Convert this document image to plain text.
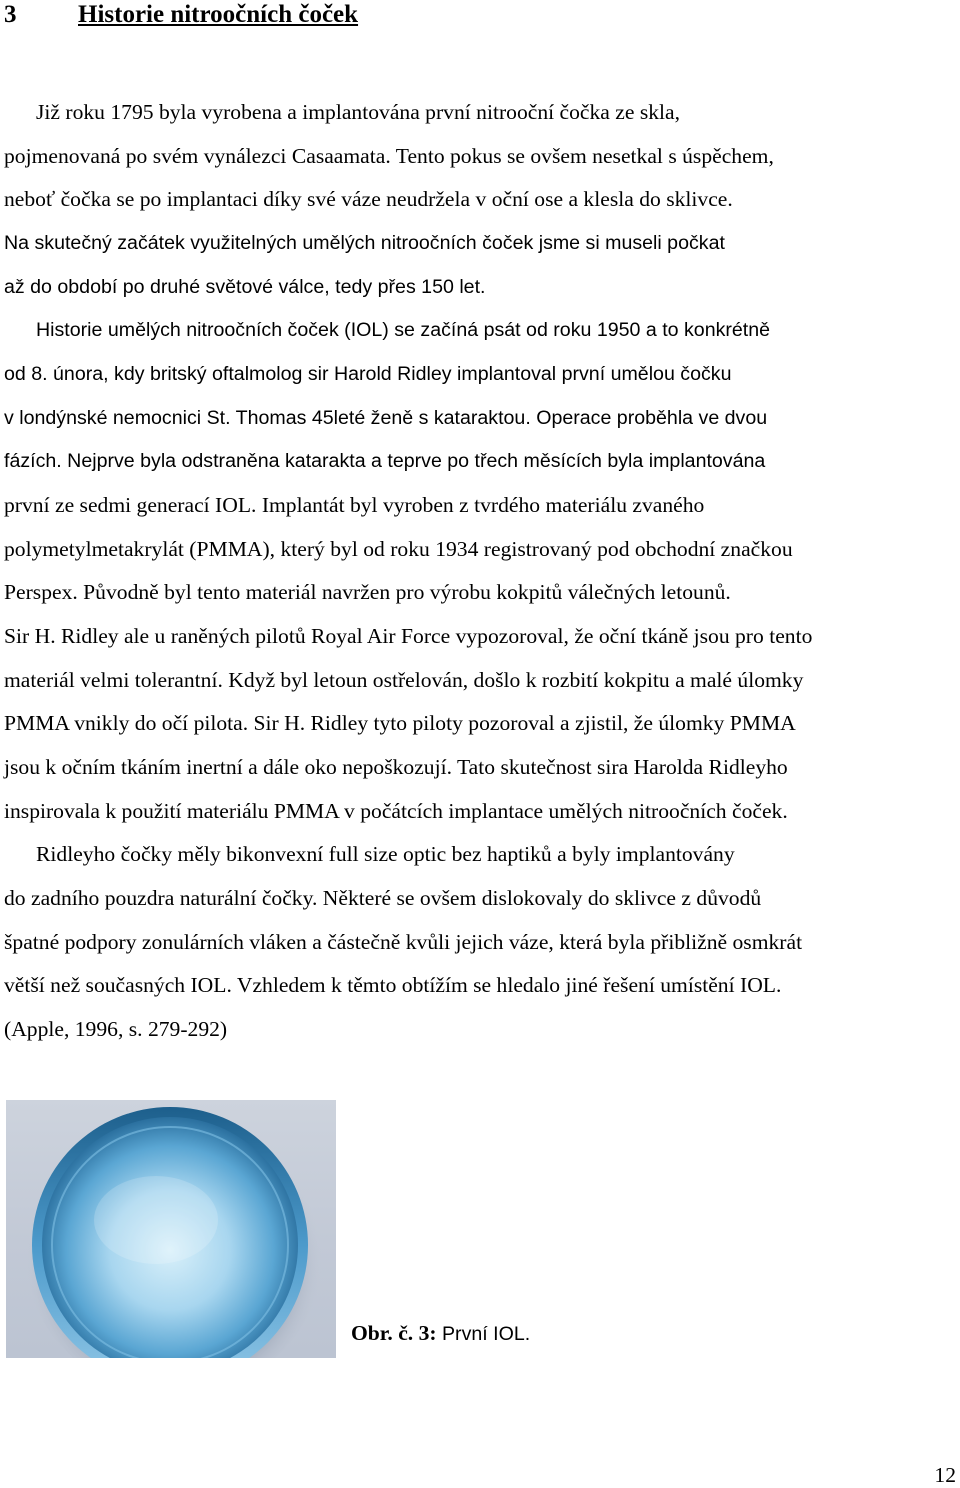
3 Historie nitroočních čoček
Již roku 1795 byla vyrobena a implantována první nitrooční čočka ze skla,
pojmenovaná po svém vynálezci Casaamata. Tento pokus se ovšem nesetkal s úspěchem,
neboť čočka se po implantaci díky své váze neudržela v oční ose a klesla do sklivce.
Na skutečný začátek využitelných umělých nitroočních čoček jsme si museli počkat
až do období po druhé světové válce, tedy přes 150 let.
Historie umělých nitroočních čoček (IOL) se začíná psát od roku 1950 a to konkrétně
od 8. února, kdy britský oftalmolog sir Harold Ridley implantoval první umělou čočku
v londýnské nemocnici St. Thomas 45leté ženě s kataraktou. Operace proběhla ve dvou
fázích. Nejprve byla odstraněna katarakta a teprve po třech měsících byla implantována
první ze sedmi generací IOL. Implantát byl vyroben z tvrdého materiálu zvaného
polymetylmetakrylát (PMMA), který byl od roku 1934 registrovaný pod obchodní značkou
Perspex. Původně byl tento materiál navržen pro výrobu kokpitů válečných letounů.
Sir H. Ridley ale u raněných pilotů Royal Air Force vypozoroval, že oční tkáně jsou pro tento
materiál velmi tolerantní. Když byl letoun ostřelován, došlo k rozbití kokpitu a malé úlomky
PMMA vnikly do očí pilota. Sir H. Ridley tyto piloty pozoroval a zjistil, že úlomky PMMA
jsou k očním tkáním inertní a dále oko nepoškozují. Tato skutečnost sira Harolda Ridleyho
inspirovala k použití materiálu PMMA v počátcích implantace umělých nitroočních čoček.
Ridleyho čočky měly bikonvexní full size optic bez haptiků a byly implantovány
do zadního pouzdra naturální čočky. Některé se ovšem dislokovaly do sklivce z důvodů
špatné podpory zonulárních vláken a částečně kvůli jejich váze, která byla přibližně osmkrát
větší než současných IOL. Vzhledem k těmto obtížím se hledalo jiné řešení umístění IOL.
(Apple, 1996, s. 279-292)
Obr. č. 3: První IOL.
12
